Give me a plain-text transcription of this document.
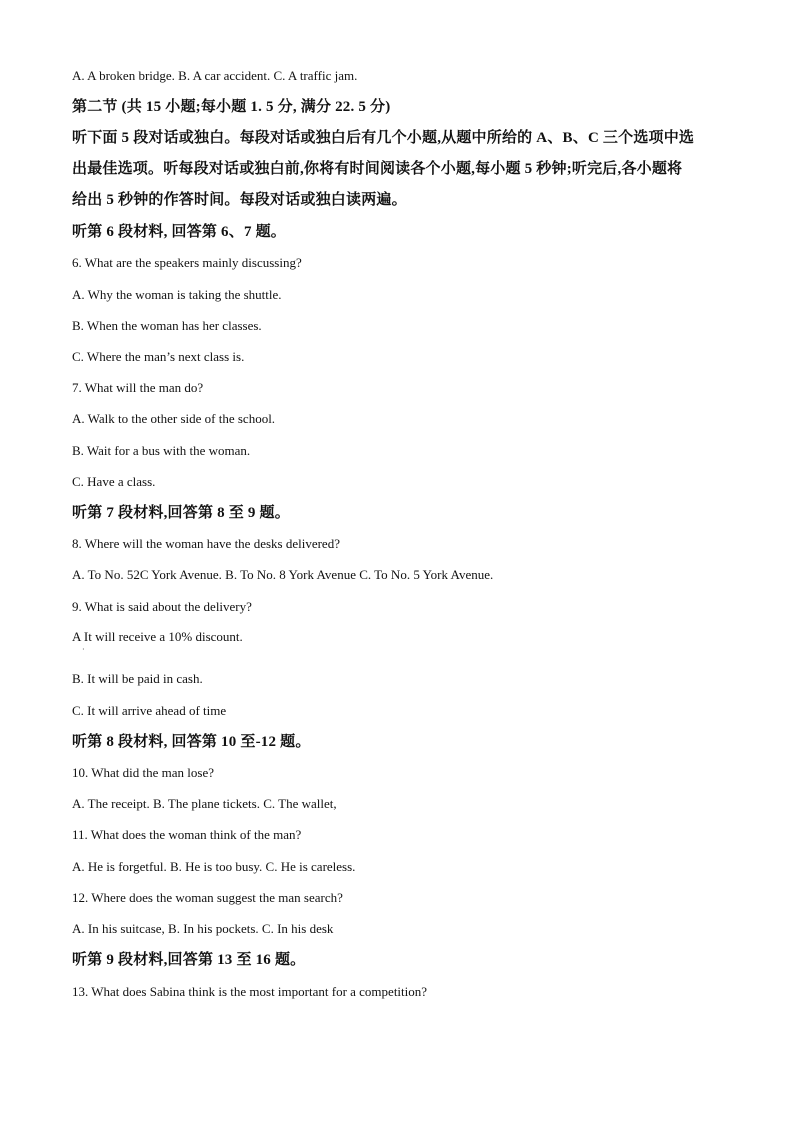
A. A broken bridge. B. A car accident. C. A traffic jam.
第二节 (共 15 小题;每小题 1. 5 分, 满分 22. 5 分)
听下面 5 段对话或独白。每段对话或独白后有几个小题,从题中所给的 A、B、C 三个选项中选
出最佳选项。听每段对话或独白前,你将有时间阅读各个小题,每小题 5 秒钟;听完后,各小题将
给出 5 秒钟的作答时间。每段对话或独白读两遍。
听第 6 段材料, 回答第 6、7 题。
6. What are the speakers mainly discussing?
A. Why the woman is taking the shuttle.
B. When the woman has her classes.
C. Where the man’s next class is.
7. What will the man do?
A. Walk to the other side of the school.
B. Wait for a bus with the woman.
C. Have a class.
听第 7 段材料,回答第 8 至 9 题。
8. Where will the woman have the desks delivered?
A. To No. 52C York Avenue. B. To No. 8 York Avenue C. To No. 5 York Avenue.
9. What is said about the delivery?
A It will receive a 10% discount.
·
B. It will be paid in cash.
C. It will arrive ahead of time
听第 8 段材料, 回答第 10 至-12 题。
10. What did the man lose?
A. The receipt. B. The plane tickets. C. The wallet,
11. What does the woman think of the man?
A. He is forgetful. B. He is too busy. C. He is careless.
12. Where does the woman suggest the man search?
A. In his suitcase, B. In his pockets. C. In his desk
听第 9 段材料,回答第 13 至 16 题。
13. What does Sabina think is the most important for a competition?
